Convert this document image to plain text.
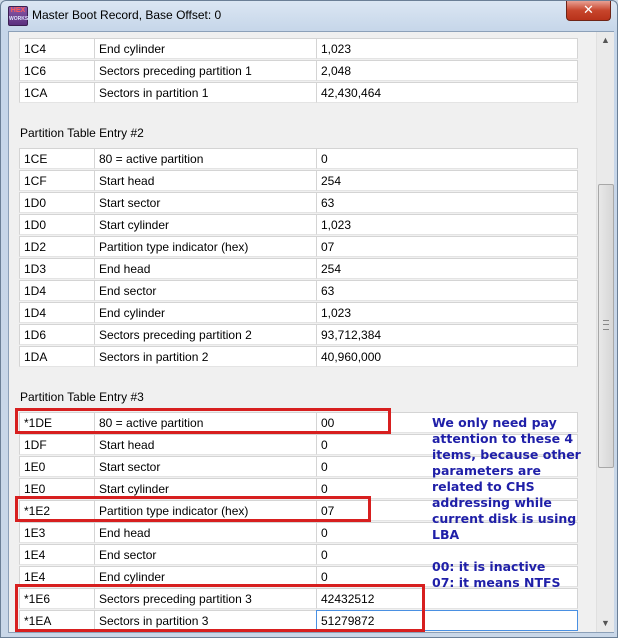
HEX
WORKSHOP
Master Boot Record, Base Offset: 0	✕
1C4	End cylinder	1,023
1C6	Sectors preceding partition 1	2,048
1CA	Sectors in partition 1	42,430,464
Partition Table Entry #2
1CE	80 = active partition	0
1CF	Start head	254
1D0	Start sector	63
1D0	Start cylinder	1,023
1D2	Partition type indicator (hex)	07
1D3	End head	254
1D4	End sector	63
1D4	End cylinder	1,023
1D6	Sectors preceding partition 2	93,712,384
1DA	Sectors in partition 2	40,960,000
Partition Table Entry #3
*1DE	80 = active partition	00
1DF	Start head	0
1E0	Start sector	0
1E0	Start cylinder	0
*1E2	Partition type indicator (hex)	07
1E3	End head	0
1E4	End sector	0
1E4	End cylinder	0
*1E6	Sectors preceding partition 3	42432512
*1EA	Sectors in partition 3	51279872

We only need pay

attention to these 4

items, because other

parameters are

related to CHS

addressing while

current disk is using

LBA

00: it is inactive

07: it means NTFS

▲
▼
